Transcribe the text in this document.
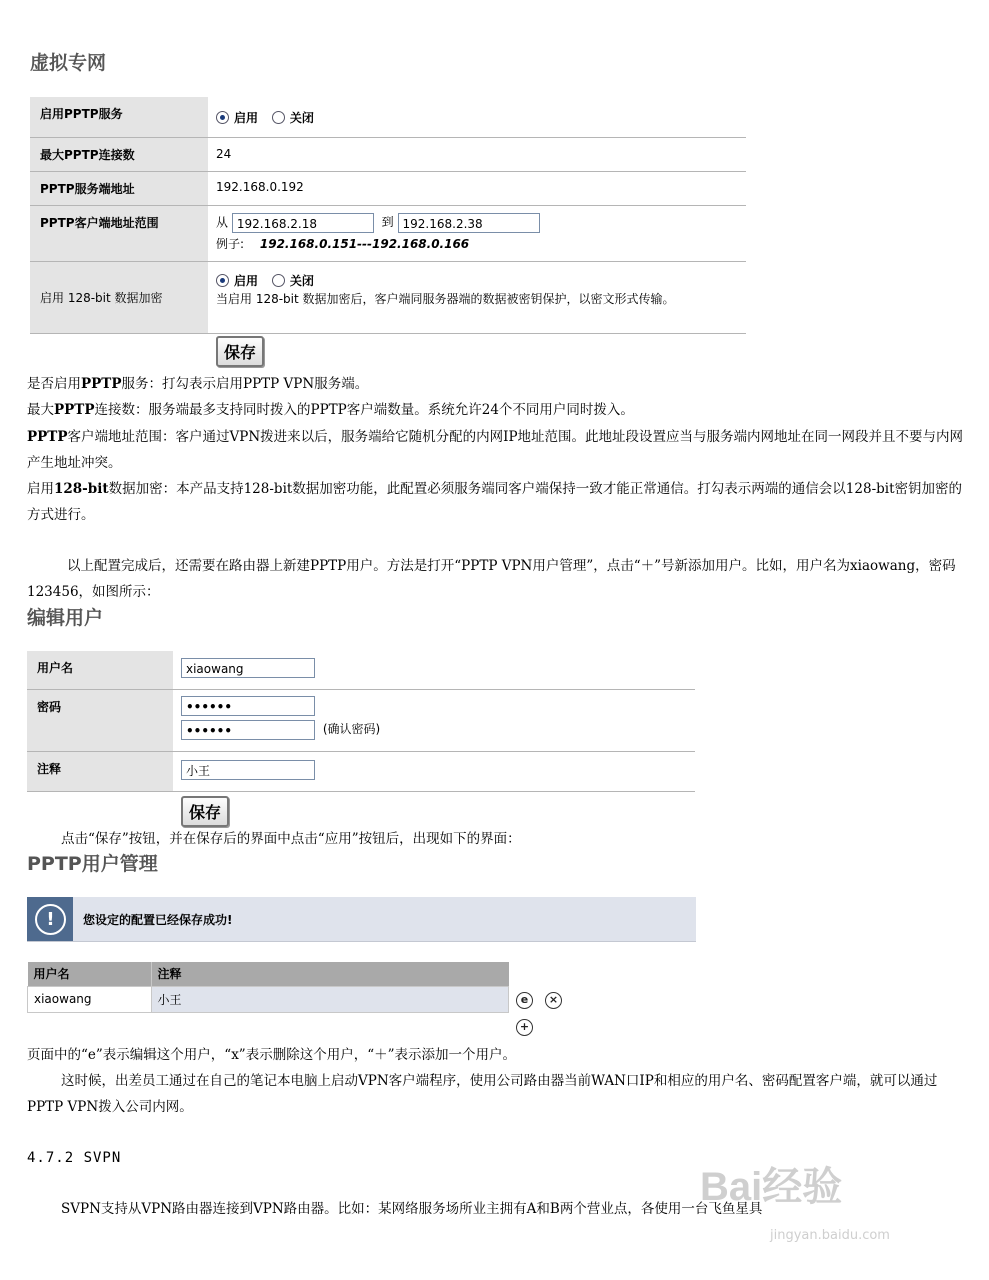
虚拟专网
启用PPTP服务	启用 关闭
最大PPTP连接数	24
PPTP服务端地址	192.168.0.192
PPTP客户端地址范围	从 192.168.2.18 到 192.168.2.38
例子: 192.168.0.151---192.168.0.166

启用 128-bit 数据加密	启用 关闭
当启用 128-bit 数据加密后，客户端同服务器端的数据被密钥保护，以密文形式传输。
保存
是否启用PPTP服务：打勾表示启用PPTP VPN服务端。
最大PPTP连接数：服务端最多支持同时拨入的PPTP客户端数量。系统允许24个不同用户同时拨入。
PPTP客户端地址范围：客户通过VPN拨进来以后，服务端给它随机分配的内网IP地址范围。此地址段设置应当与服务端内网地址在同一网段并且不要与内网产生地址冲突。
启用128-bit数据加密：本产品支持128-bit数据加密功能，此配置必须服务端同客户端保持一致才能正常通信。打勾表示两端的通信会以128-bit密钥加密的方式进行。
以上配置完成后，还需要在路由器上新建PPTP用户。方法是打开“PPTP VPN用户管理”，点击“＋”号新添加用户。比如，用户名为xiaowang，密码123456，如图所示：
编辑用户
用户名	xiaowang
密码	••••••
•••••• (确认密码)

注释	小王
保存
点击“保存”按钮，并在保存后的界面中点击“应用”按钮后，出现如下的界面：
PPTP用户管理
!	您设定的配置已经保存成功!
用户名	注释
xiaowang	小王	e	×
+
页面中的“e”表示编辑这个用户，“x”表示删除这个用户，“＋”表示添加一个用户。
这时候，出差员工通过在自己的笔记本电脑上启动VPN客户端程序，使用公司路由器当前WAN口IP和相应的用户名、密码配置客户端，就可以通过PPTP VPN拨入公司内网。
4.7.2 SVPN
SVPN支持从VPN路由器连接到VPN路由器。比如：某网络服务场所业主拥有A和B两个营业点，各使用一台飞鱼星具
Bai经验
jingyan.baidu.com
